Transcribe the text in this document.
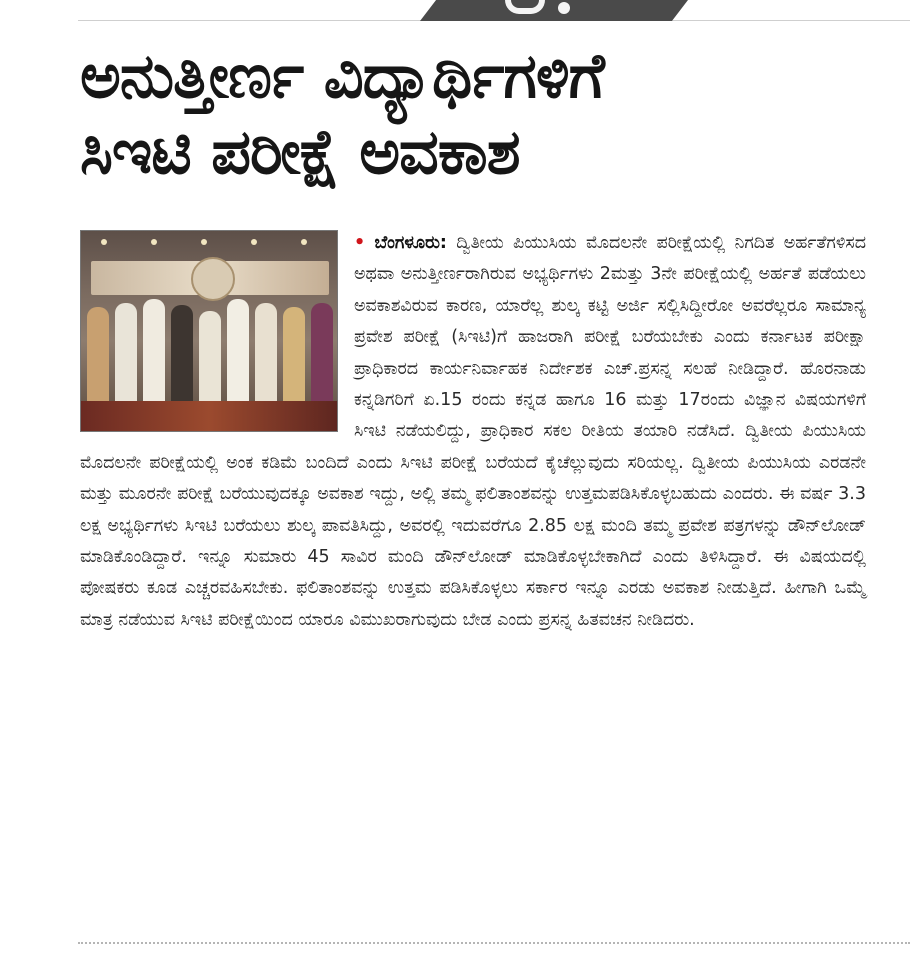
ಅನುತ್ತೀರ್ಣ ವಿದ್ಯಾರ್ಥಿಗಳಿಗೆ
ಸಿಇಟಿ ಪರೀಕ್ಷೆ ಅವಕಾಶ
• ಬೆಂಗಳೂರು: ದ್ವಿತೀಯ ಪಿಯುಸಿಯ ಮೊದಲನೇ ಪರೀಕ್ಷೆಯಲ್ಲಿ ನಿಗದಿತ ಅರ್ಹತೆಗಳಿಸದ ಅಥವಾ ಅನುತ್ತೀರ್ಣರಾಗಿರುವ ಅಭ್ಯರ್ಥಿಗಳು 2ಮತ್ತು 3ನೇ ಪರೀಕ್ಷೆಯಲ್ಲಿ ಅರ್ಹತೆ ಪಡೆಯಲು ಅವಕಾಶವಿರುವ ಕಾರಣ, ಯಾರೆಲ್ಲ ಶುಲ್ಕ ಕಟ್ಟಿ ಅರ್ಜಿ ಸಲ್ಲಿಸಿದ್ದೀರೋ ಅವರೆಲ್ಲರೂ ಸಾಮಾನ್ಯ ಪ್ರವೇಶ ಪರೀಕ್ಷೆ (ಸಿಇಟಿ)ಗೆ ಹಾಜರಾಗಿ ಪರೀಕ್ಷೆ ಬರೆಯಬೇಕು ಎಂದು ಕರ್ನಾಟಕ ಪರೀಕ್ಷಾ ಪ್ರಾಧಿಕಾರದ ಕಾರ್ಯನಿರ್ವಾಹಕ ನಿರ್ದೇಶಕ ಎಚ್.ಪ್ರಸನ್ನ ಸಲಹೆ ನೀಡಿದ್ದಾರೆ. ಹೊರನಾಡು ಕನ್ನಡಿಗರಿಗೆ ಏ.15 ರಂದು ಕನ್ನಡ ಹಾಗೂ 16 ಮತ್ತು 17ರಂದು ವಿಜ್ಞಾನ ವಿಷಯಗಳಿಗೆ ಸಿಇಟಿ ನಡೆಯಲಿದ್ದು, ಪ್ರಾಧಿಕಾರ ಸಕಲ ರೀತಿಯ ತಯಾರಿ ನಡೆಸಿದೆ. ದ್ವಿತೀಯ ಪಿಯುಸಿಯ ಮೊದಲನೇ ಪರೀಕ್ಷೆಯಲ್ಲಿ ಅಂಕ ಕಡಿಮೆ ಬಂದಿದೆ ಎಂದು ಸಿಇಟಿ ಪರೀಕ್ಷೆ ಬರೆಯದೆ ಕೈಚೆಲ್ಲುವುದು ಸರಿಯಲ್ಲ. ದ್ವಿತೀಯ ಪಿಯುಸಿಯ ಎರಡನೇ ಮತ್ತು ಮೂರನೇ ಪರೀಕ್ಷೆ ಬರೆಯುವುದಕ್ಕೂ ಅವಕಾಶ ಇದ್ದು, ಅಲ್ಲಿ ತಮ್ಮ ಫಲಿತಾಂಶವನ್ನು ಉತ್ತಮಪಡಿಸಿಕೊಳ್ಳಬಹುದು ಎಂದರು. ಈ ವರ್ಷ 3.3 ಲಕ್ಷ ಅಭ್ಯರ್ಥಿಗಳು ಸಿಇಟಿ ಬರೆಯಲು ಶುಲ್ಕ ಪಾವತಿಸಿದ್ದು, ಅವರಲ್ಲಿ ಇದುವರೆಗೂ 2.85 ಲಕ್ಷ ಮಂದಿ ತಮ್ಮ ಪ್ರವೇಶ ಪತ್ರಗಳನ್ನು ಡೌನ್‌ಲೋಡ್ ಮಾಡಿಕೊಂಡಿದ್ದಾರೆ. ಇನ್ನೂ ಸುಮಾರು 45 ಸಾವಿರ ಮಂದಿ ಡೌನ್‌ಲೋಡ್ ಮಾಡಿಕೊಳ್ಳಬೇಕಾಗಿದೆ ಎಂದು ತಿಳಿಸಿದ್ದಾರೆ. ಈ ವಿಷಯದಲ್ಲಿ ಪೋಷಕರು ಕೂಡ ಎಚ್ಚರವಹಿಸಬೇಕು. ಫಲಿತಾಂಶವನ್ನು ಉತ್ತಮ ಪಡಿಸಿಕೊಳ್ಳಲು ಸರ್ಕಾರ ಇನ್ನೂ ಎರಡು ಅವಕಾಶ ನೀಡುತ್ತಿದೆ. ಹೀಗಾಗಿ ಒಮ್ಮೆ ಮಾತ್ರ ನಡೆಯುವ ಸಿಇಟಿ ಪರೀಕ್ಷೆಯಿಂದ ಯಾರೂ ವಿಮುಖರಾಗುವುದು ಬೇಡ ಎಂದು ಪ್ರಸನ್ನ ಹಿತವಚನ ನೀಡಿದರು.
